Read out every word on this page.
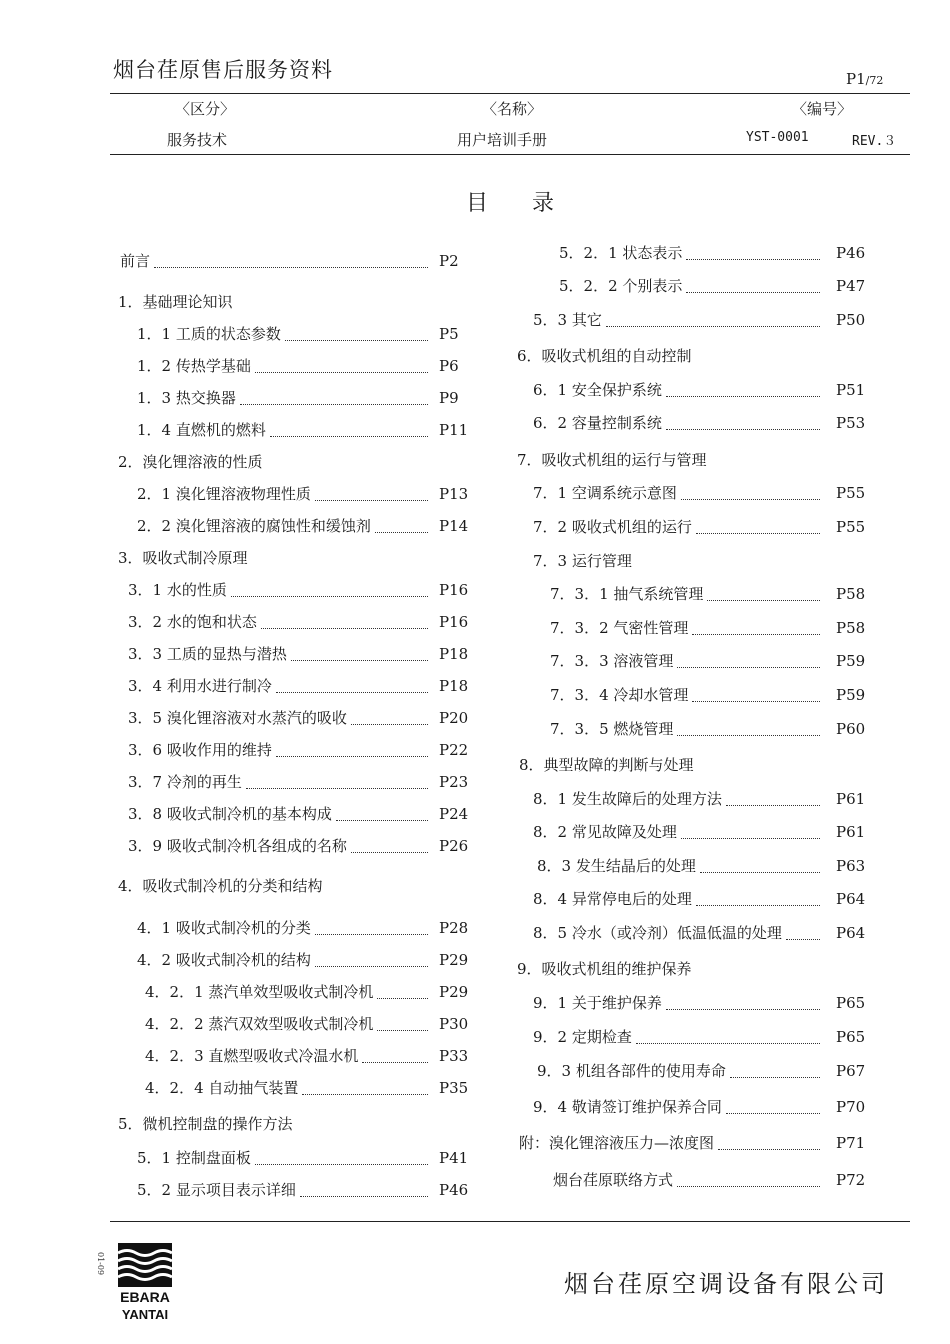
烟台荏原售后服务资料	P1/72
〈区分〉	〈名称〉	〈编号〉
服务技术	用户培训手册	YST-0001	REV.３
目录
前言	P2
1．基础理论知识
1．1 工质的状态参数	P5
1．2 传热学基础	P6
1．3 热交换器	P9
1．4 直燃机的燃料	P11
2．溴化锂溶液的性质
2．1 溴化锂溶液物理性质	P13
2．2 溴化锂溶液的腐蚀性和缓蚀剂	P14
3．吸收式制冷原理
3．1 水的性质	P16
3．2 水的饱和状态	P16
3．3 工质的显热与潜热	P18
3．4 利用水进行制冷	P18
3．5 溴化锂溶液对水蒸汽的吸收	P20
3．6 吸收作用的维持	P22
3．7 冷剂的再生	P23
3．8 吸收式制冷机的基本构成	P24
3．9 吸收式制冷机各组成的名称	P26
4．吸收式制冷机的分类和结构
4．1 吸收式制冷机的分类	P28
4．2 吸收式制冷机的结构	P29
4．2．1 蒸汽单效型吸收式制冷机	P29
4．2．2 蒸汽双效型吸收式制冷机	P30
4．2．3 直燃型吸收式冷温水机	P33
4．2．4 自动抽气装置	P35
5．微机控制盘的操作方法
5．1 控制盘面板	P41
5．2 显示项目表示详细	P46
5．2．1 状态表示	P46
5．2．2 个别表示	P47
5．3 其它	P50
6．吸收式机组的自动控制
6．1 安全保护系统	P51
6．2 容量控制系统	P53
7．吸收式机组的运行与管理
7．1 空调系统示意图	P55
7．2 吸收式机组的运行	P55
7．3 运行管理
7．3．1 抽气系统管理	P58
7．3．2 气密性管理	P58
7．3．3 溶液管理	P59
7．3．4 冷却水管理	P59
7．3．5 燃烧管理	P60
8．典型故障的判断与处理
8．1 发生故障后的处理方法	P61
8．2 常见故障及处理	P61
8．3 发生结晶后的处理	P63
8．4 异常停电后的处理	P64
8．5 冷水（或冷剂）低温低温的处理	P64
9．吸收式机组的维护保养
9．1 关于维护保养	P65
9．2 定期检查	P65
9．3 机组各部件的使用寿命	P67
9．4 敬请签订维护保养合同	P70
附：溴化锂溶液压力—浓度图	P71
烟台荏原联络方式	P72
01-09
EBARA
YANTAI
烟台荏原空调设备有限公司
